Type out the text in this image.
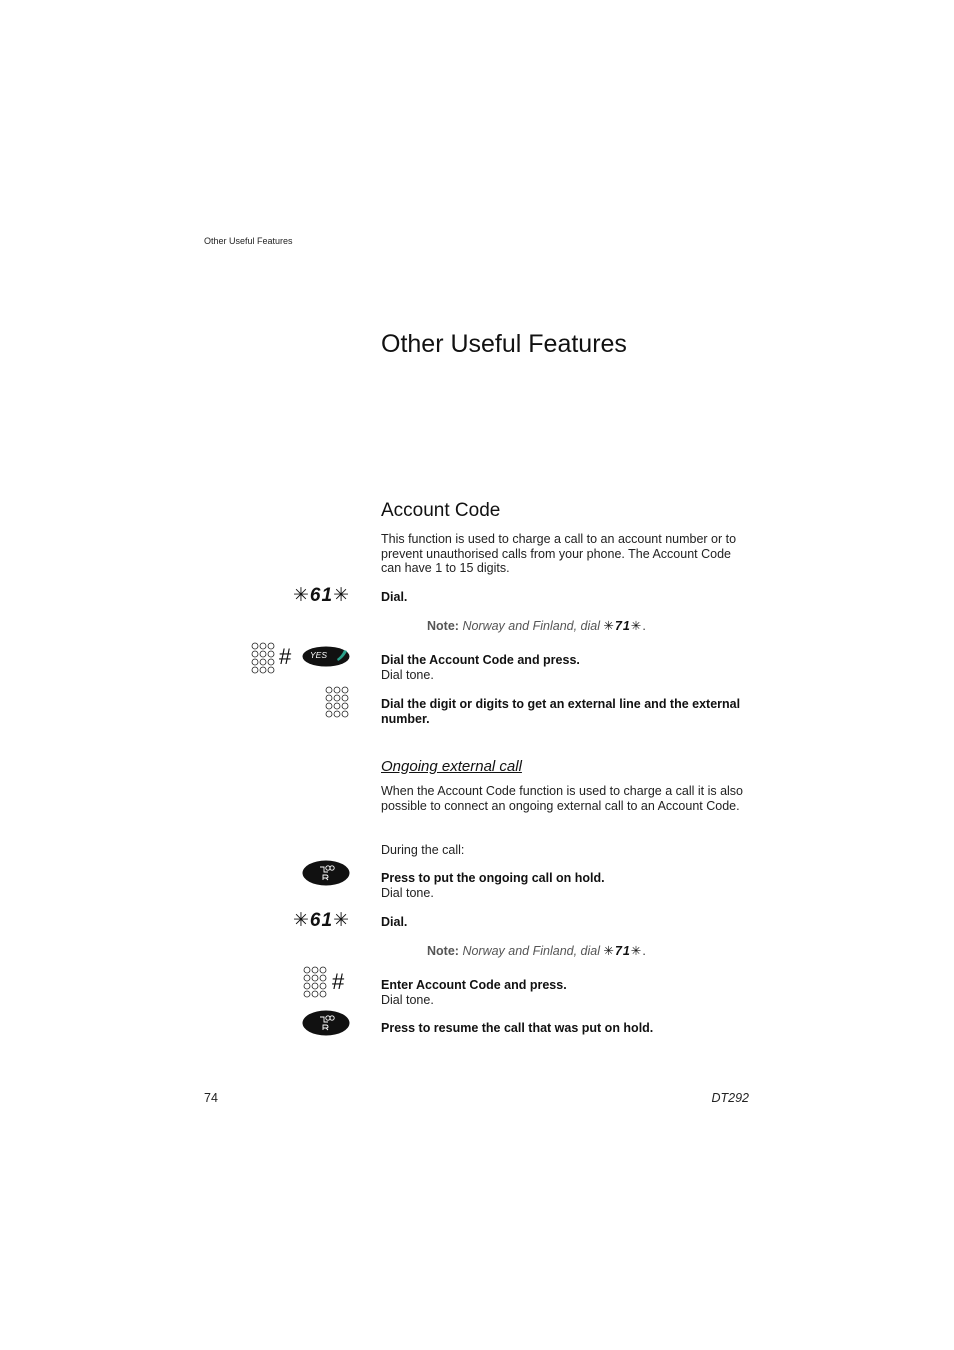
Other Useful Features
Other Useful Features
Account Code

This function is used to charge a call to an account number or to prevent unauthorised calls from your phone. The Account Code can have 1 to 15 digits.

✳61✳ Dial.
Note: Norway and Finland, dial ✳71✳.
# YES	Dial the Account Code and press.
Dial tone.
Dial the digit or digits to get an external line and the external number.
Ongoing external call

When the Account Code function is used to charge a call it is also possible to connect an ongoing external call to an Account Code.

During the call:

Press to put the ongoing call on hold.
Dial tone.
✳61✳ Dial.
Note: Norway and Finland, dial ✳71✳.
#	Enter Account Code and press.
Dial tone.
Press to resume the call that was put on hold.
74	DT292
